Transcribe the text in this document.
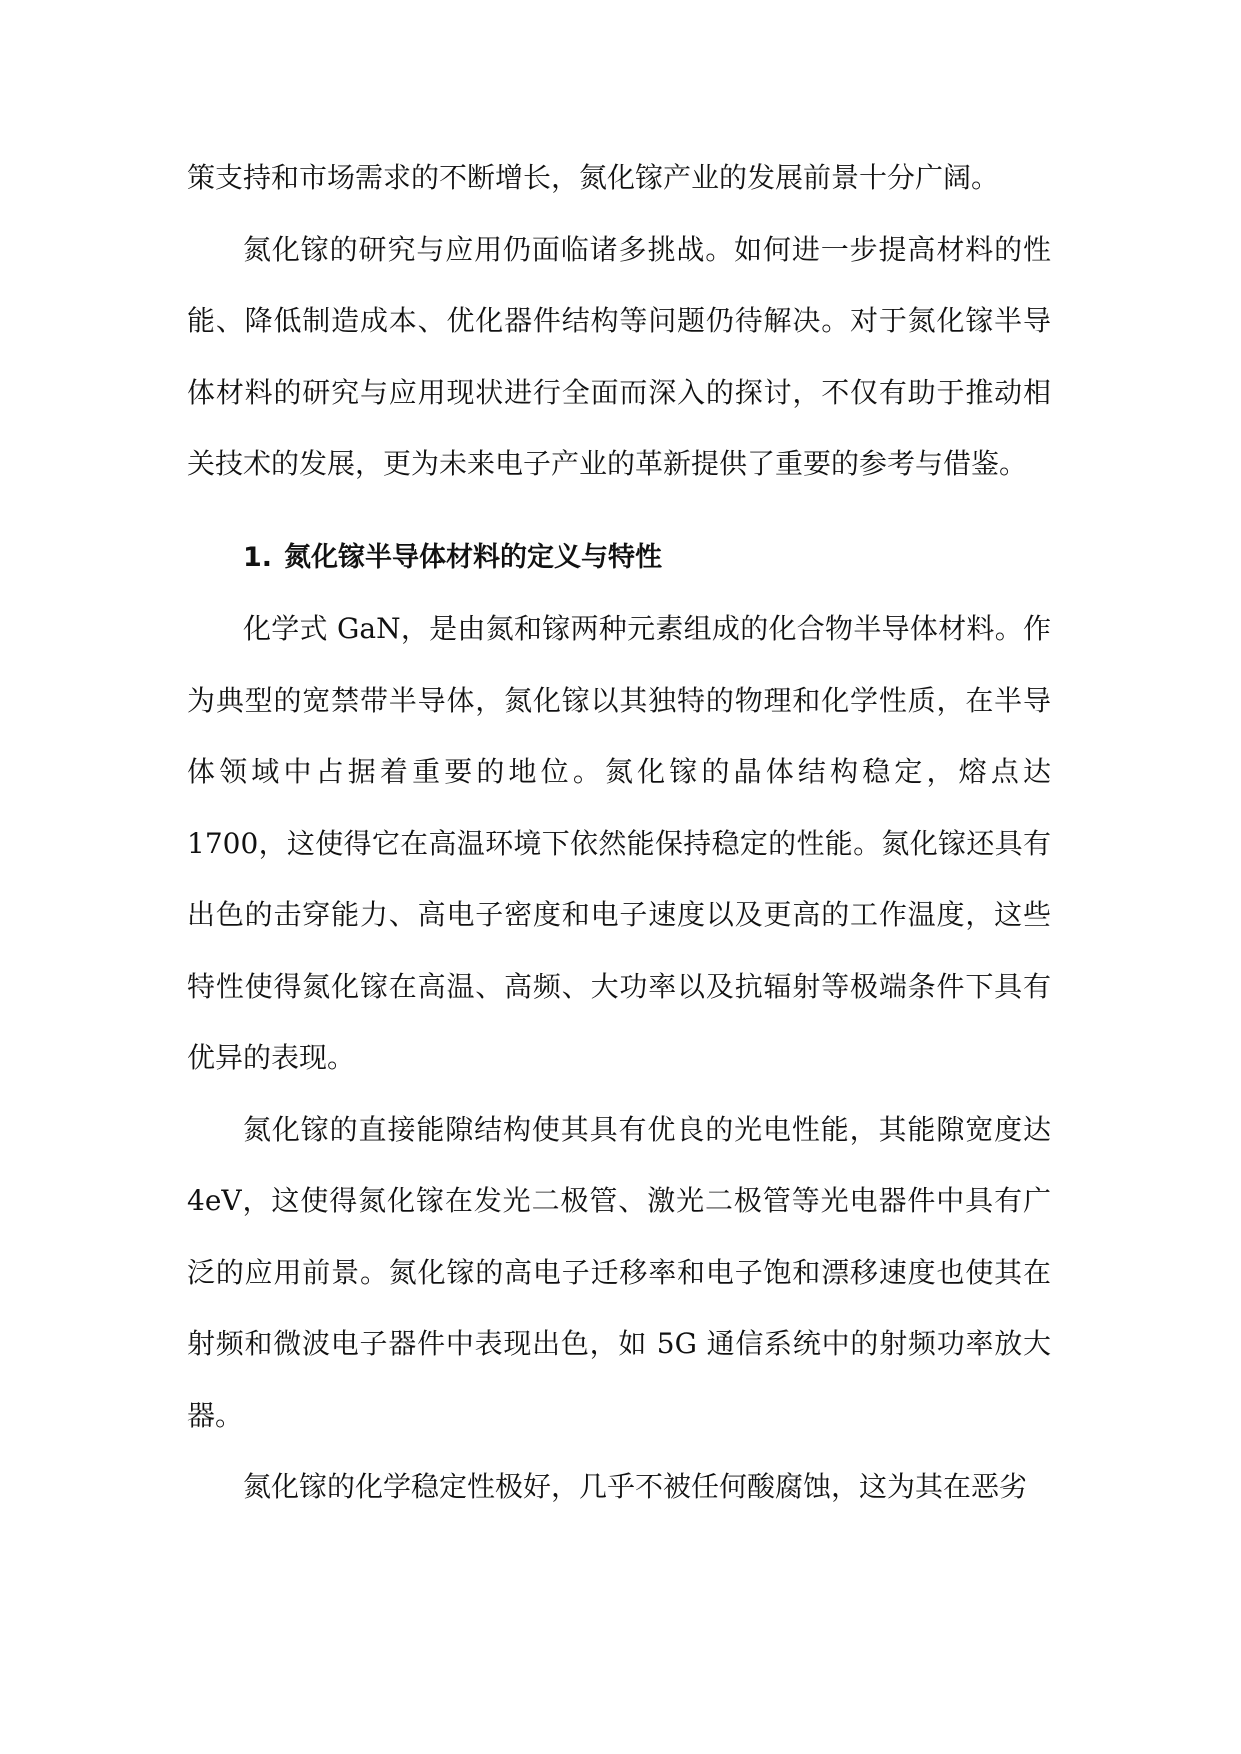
策支持和市场需求的不断增长，氮化镓产业的发展前景十分广阔。

氮化镓的研究与应用仍面临诸多挑战。如何进一步提高材料的性能、降低制造成本、优化器件结构等问题仍待解决。对于氮化镓半导体材料的研究与应用现状进行全面而深入的探讨，不仅有助于推动相关技术的发展，更为未来电子产业的革新提供了重要的参考与借鉴。

1. 氮化镓半导体材料的定义与特性

化学式 GaN，是由氮和镓两种元素组成的化合物半导体材料。作为典型的宽禁带半导体，氮化镓以其独特的物理和化学性质，在半导体领域中占据着重要的地位。氮化镓的晶体结构稳定，熔点达 1700，这使得它在高温环境下依然能保持稳定的性能。氮化镓还具有出色的击穿能力、高电子密度和电子速度以及更高的工作温度，这些特性使得氮化镓在高温、高频、大功率以及抗辐射等极端条件下具有优异的表现。

氮化镓的直接能隙结构使其具有优良的光电性能，其能隙宽度达 4eV，这使得氮化镓在发光二极管、激光二极管等光电器件中具有广泛的应用前景。氮化镓的高电子迁移率和电子饱和漂移速度也使其在射频和微波电子器件中表现出色，如 5G 通信系统中的射频功率放大器。

氮化镓的化学稳定性极好，几乎不被任何酸腐蚀，这为其在恶劣
